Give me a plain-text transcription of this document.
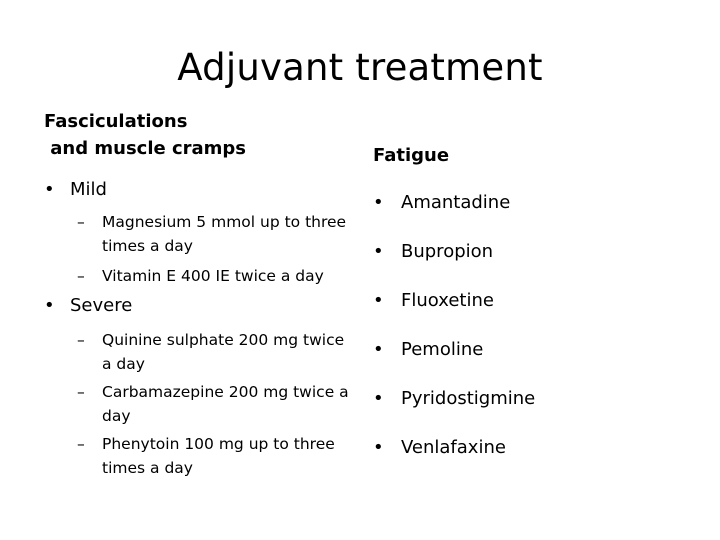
Adjuvant treatment
Fasciculations
and muscle cramps
• Mild
– Magnesium 5 mmol up to three times a day
– Vitamin E 400 IE twice a day
• Severe
– Quinine sulphate 200 mg twice a day
– Carbamazepine 200 mg twice a day
– Phenytoin 100 mg up to three times a day
Fatigue
• Amantadine
• Bupropion
• Fluoxetine
• Pemoline
• Pyridostigmine
• Venlafaxine
